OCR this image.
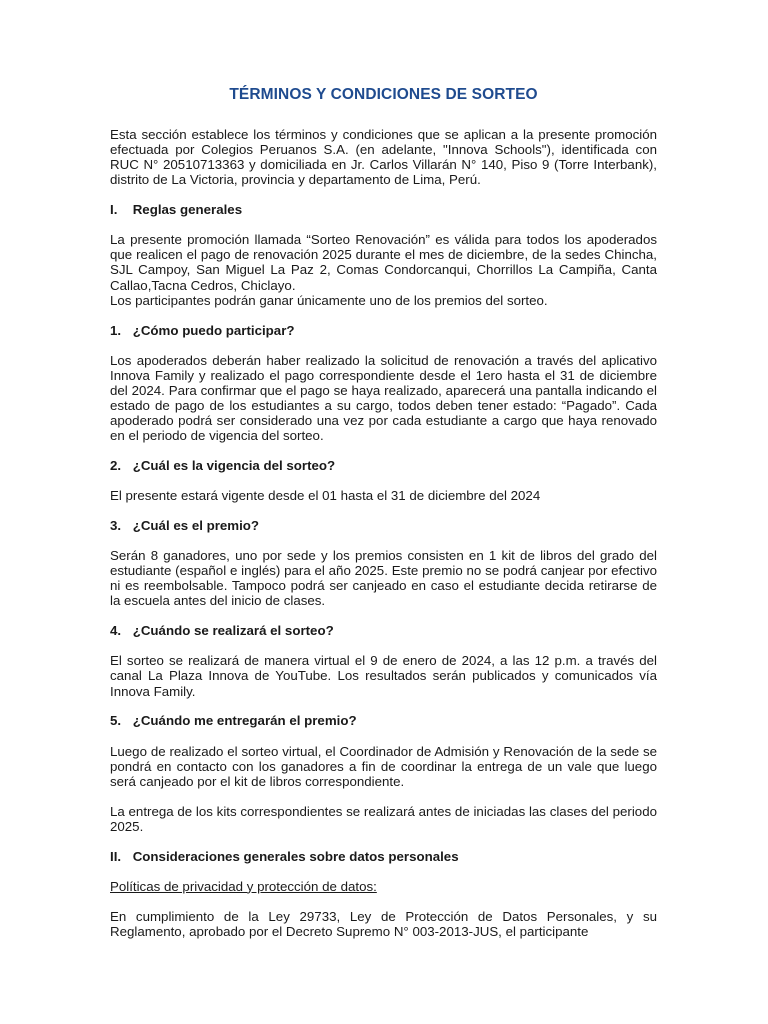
TÉRMINOS Y CONDICIONES DE SORTEO

Esta sección establece los términos y condiciones que se aplican a la presente promoción efectuada por Colegios Peruanos S.A. (en adelante, "Innova Schools"), identificada con RUC N° 20510713363 y domiciliada en Jr. Carlos Villarán N° 140, Piso 9 (Torre Interbank), distrito de La Victoria, provincia y departamento de Lima, Perú.

I. Reglas generales

La presente promoción llamada “Sorteo Renovación” es válida para todos los apoderados que realicen el pago de renovación 2025 durante el mes de diciembre, de la sedes Chincha, SJL Campoy, San Miguel La Paz 2, Comas Condorcanqui, Chorrillos La Campiña, Canta Callao,Tacna Cedros, Chiclayo.

Los participantes podrán ganar únicamente uno de los premios del sorteo.

1. ¿Cómo puedo participar?

Los apoderados deberán haber realizado la solicitud de renovación a través del aplicativo Innova Family y realizado el pago correspondiente desde el 1ero hasta el 31 de diciembre del 2024. Para confirmar que el pago se haya realizado, aparecerá una pantalla indicando el estado de pago de los estudiantes a su cargo, todos deben tener estado: “Pagado”. Cada apoderado podrá ser considerado una vez por cada estudiante a cargo que haya renovado en el periodo de vigencia del sorteo.

2. ¿Cuál es la vigencia del sorteo?

El presente estará vigente desde el 01 hasta el 31 de diciembre del 2024

3. ¿Cuál es el premio?

Serán 8 ganadores, uno por sede y los premios consisten en 1 kit de libros del grado del estudiante (español e inglés) para el año 2025. Este premio no se podrá canjear por efectivo ni es reembolsable. Tampoco podrá ser canjeado en caso el estudiante decida retirarse de la escuela antes del inicio de clases.

4. ¿Cuándo se realizará el sorteo?

El sorteo se realizará de manera virtual el 9 de enero de 2024, a las 12 p.m. a través del canal La Plaza Innova de YouTube. Los resultados serán publicados y comunicados vía Innova Family.

5. ¿Cuándo me entregarán el premio?

Luego de realizado el sorteo virtual, el Coordinador de Admisión y Renovación de la sede se pondrá en contacto con los ganadores a fin de coordinar la entrega de un vale que luego será canjeado por el kit de libros correspondiente.

La entrega de los kits correspondientes se realizará antes de iniciadas las clases del periodo 2025.

II. Consideraciones generales sobre datos personales

Políticas de privacidad y protección de datos:

En cumplimiento de la Ley 29733, Ley de Protección de Datos Personales, y su Reglamento, aprobado por el Decreto Supremo N° 003-2013-JUS, el participante
